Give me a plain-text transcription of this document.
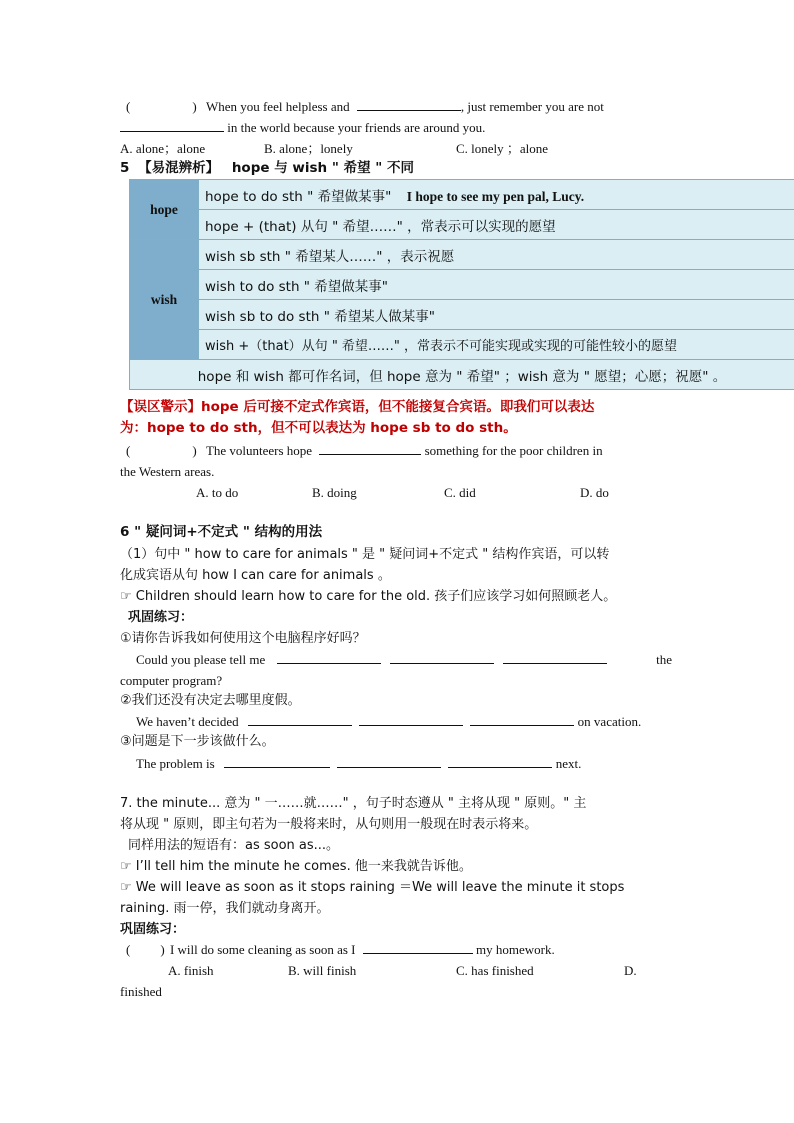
(	) When you feel helpless and	, just remember you are not
in the world because your friends are around you.
A. alone；alone	B. alone；lonely	C. lonely ；alone
5 【易混辨析】 hope 与 wish " 希望 " 不同
hope	hope to do sth " 希望做某事" I hope to see my pen pal, Lucy.
	hope + (that) 从句 " 希望……" ，常表示可以实现的愿望
wish	wish sb sth " 希望某人……" ，表示祝愿
	wish to do sth " 希望做某事"
	wish sb to do sth " 希望某人做某事"
	wish +（that）从句 " 希望……" ，常表示不可能实现或实现的可能性较小的愿望
hope 和 wish 都可作名词，但 hope 意为 " 希望" ；wish 意为 " 愿望；心愿；祝愿" 。	
【误区警示】hope 后可接不定式作宾语，但不能接复合宾语。即我们可以表达
为：hope to do sth，但不可以表达为 hope sb to do sth。
(	) The volunteers hope	something for the poor children in
the Western areas.
A. to do	B. doing	C. did	D. do
6 " 疑问词+不定式 " 结构的用法
（1）句中 " how to care for animals " 是 " 疑问词+不定式 " 结构作宾语，可以转
化成宾语从句 how I can care for animals 。
☞ Children should learn how to care for the old. 孩子们应该学习如何照顾老人。
巩固练习：
①请你告诉我如何使用这个电脑程序好吗？
Could you please tell me	the
computer program?
②我们还没有决定去哪里度假。
We haven’t decided	on vacation.
③问题是下一步该做什么。
The problem is	next.
7. the minute... 意为 " 一……就……" ，句子时态遵从 " 主将从现 " 原则。" 主
将从现 " 原则，即主句若为一般将来时，从句则用一般现在时表示将来。
同样用法的短语有：as soon as...。
☞ I’ll tell him the minute he comes. 他一来我就告诉他。
☞ We will leave as soon as it stops raining ＝We will leave the minute it stops
raining. 雨一停，我们就动身离开。
巩固练习：
( ) I will do some cleaning as soon as I	my homework.
A. finish	B. will finish	C. has finished	D.
finished
